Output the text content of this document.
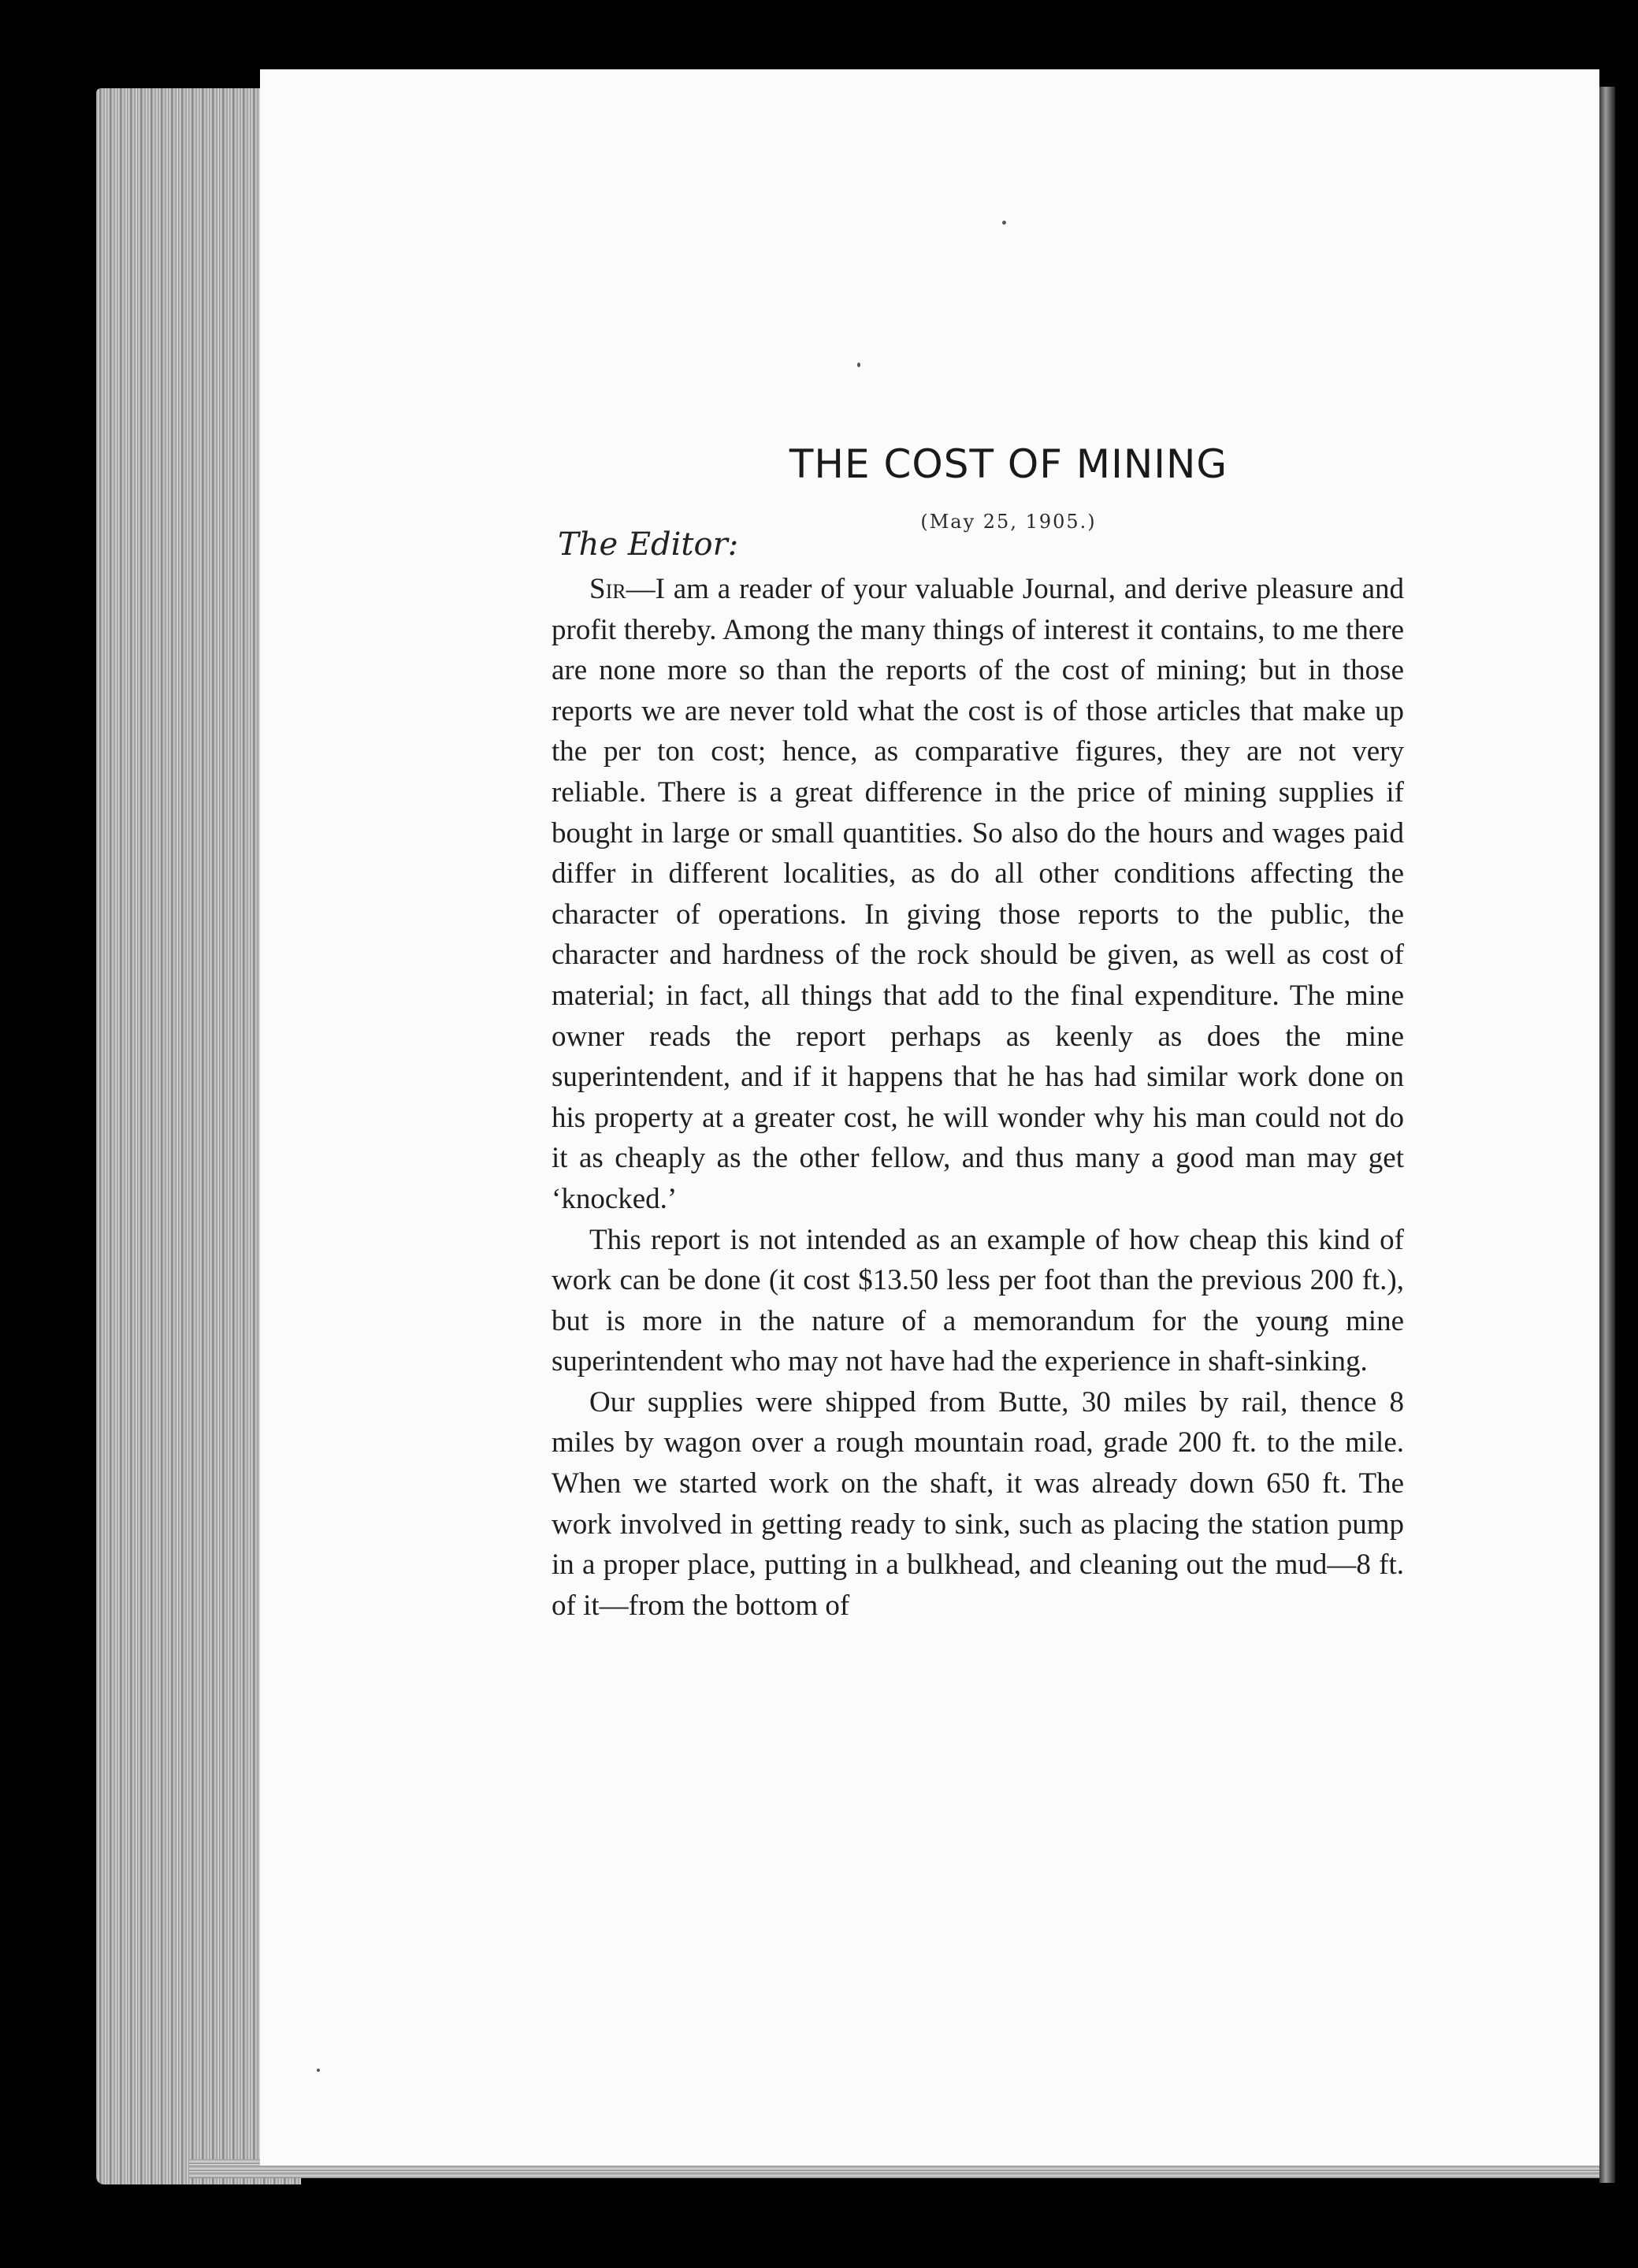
THE COST OF MINING
(May 25, 1905.)
The Editor:

Sir—I am a reader of your valuable Journal, and derive pleasure and profit thereby. Among the many things of interest it contains, to me there are none more so than the reports of the cost of mining; but in those reports we are never told what the cost is of those articles that make up the per ton cost; hence, as comparative figures, they are not very reliable. There is a great difference in the price of mining supplies if bought in large or small quantities. So also do the hours and wages paid differ in different localities, as do all other conditions affecting the character of operations. In giving those reports to the public, the character and hardness of the rock should be given, as well as cost of material; in fact, all things that add to the final expenditure. The mine owner reads the report perhaps as keenly as does the mine superintendent, and if it happens that he has had similar work done on his property at a greater cost, he will wonder why his man could not do it as cheaply as the other fellow, and thus many a good man may get ‘knocked.’

This report is not intended as an example of how cheap this kind of work can be done (it cost $13.50 less per foot than the previous 200 ft.), but is more in the nature of a memorandum for the young mine superintendent who may not have had the experience in shaft-sinking.

Our supplies were shipped from Butte, 30 miles by rail, thence 8 miles by wagon over a rough mountain road, grade 200 ft. to the mile. When we started work on the shaft, it was already down 650 ft. The work involved in getting ready to sink, such as placing the station pump in a proper place, putting in a bulkhead, and cleaning out the mud—8 ft. of it—from the bottom of
